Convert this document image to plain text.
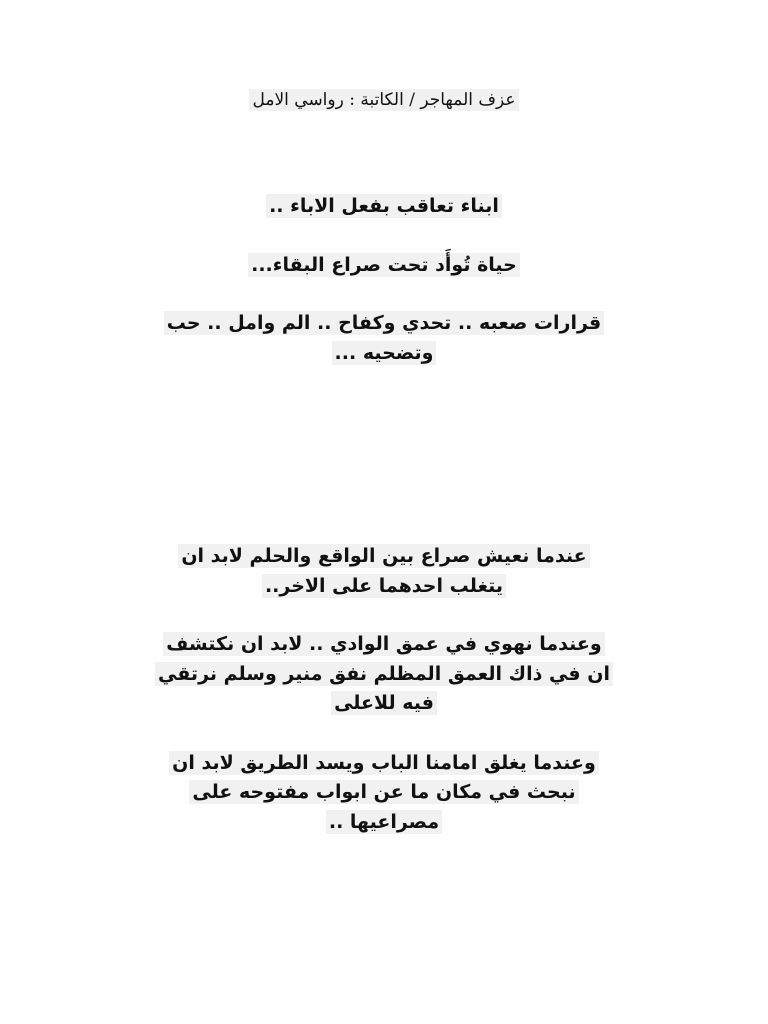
عزف المهاجر / الكاتبة : رواسي الامل
ابناء تعاقب بفعل الاباء ..
حياة تُوأَد تحت صراع البقاء...
قرارات صعبه .. تحدي وكفاح .. الم وامل .. حب
وتضحيه ...
عندما نعيش صراع بين الواقع والحلم لابد ان
يتغلب احدهما على الاخر..
وعندما نهوي في عمق الوادي .. لابد ان نكتشف
ان في ذاك العمق المظلم نفق منير وسلم نرتقي
فيه للاعلى
وعندما يغلق امامنا الباب ويسد الطريق لابد ان
نبحث في مكان ما عن ابواب مفتوحه على
مصراعيها ..
